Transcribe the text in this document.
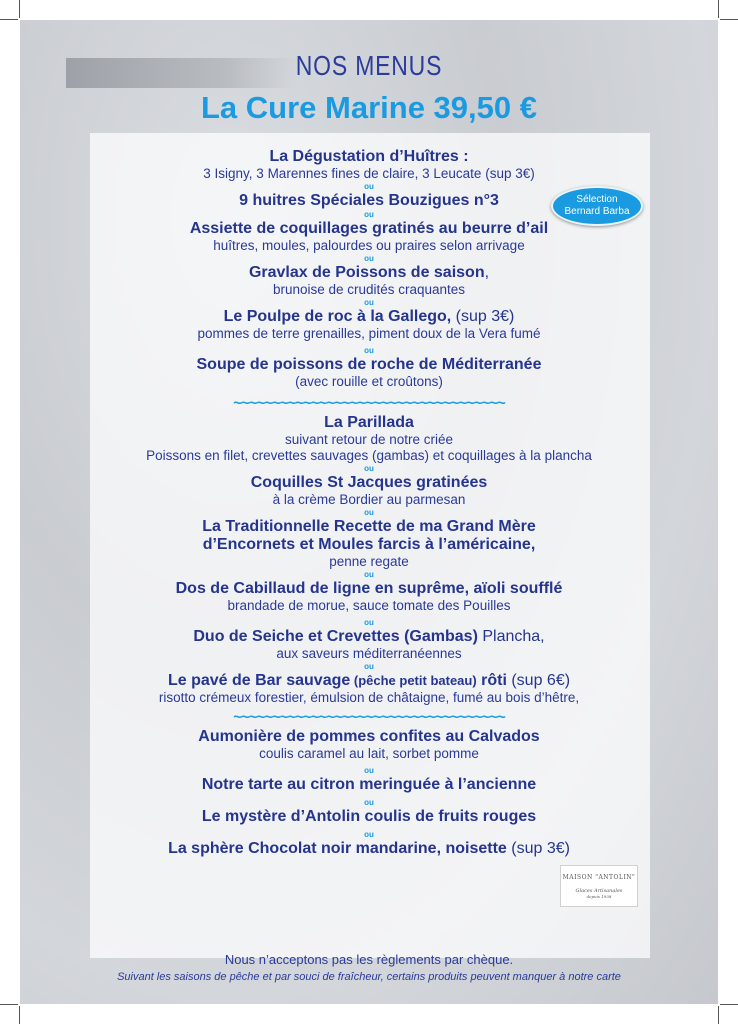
NOS MENUS
La Cure Marine 39,50 €
Sélection
Bernard Barba
La Dégustation d’Huîtres :
3 Isigny, 3 Marennes fines de claire, 3 Leucate (sup 3€)
ou
9 huitres Spéciales Bouzigues n°3
ou
Assiette de coquillages gratinés au beurre d’ail
huîtres, moules, palourdes ou praires selon arrivage
ou
Gravlax de Poissons de saison,
brunoise de crudités craquantes
ou
Le Poulpe de roc à la Gallego, (sup 3€)
pommes de terre grenailles, piment doux de la Vera fumé
ou
Soupe de poissons de roche de Méditerranée
(avec rouille et croûtons)
~~~~~~~~~~~~~~~~~~~~~~~~~~~~~~~~~~~
La Parillada
suivant retour de notre criée
Poissons en filet, crevettes sauvages (gambas) et coquillages à la plancha
ou
Coquilles St Jacques gratinées
à la crème Bordier au parmesan
ou
La Traditionnelle Recette de ma Grand Mère
d’Encornets et Moules farcis à l’américaine,
penne regate
ou
Dos de Cabillaud de ligne en suprême, aïoli soufflé
brandade de morue, sauce tomate des Pouilles
ou
Duo de Seiche et Crevettes (Gambas) Plancha,
aux saveurs méditerranéennes
ou
Le pavé de Bar sauvage (pêche petit bateau) rôti (sup 6€)
risotto crémeux forestier, émulsion de châtaigne, fumé au bois d’hêtre,
~~~~~~~~~~~~~~~~~~~~~~~~~~~~~~~~~~~
Aumonière de pommes confites au Calvados
coulis caramel au lait, sorbet pomme
ou
Notre tarte au citron meringuée à l’ancienne
ou
Le mystère d’Antolin coulis de fruits rouges
ou
La sphère Chocolat noir mandarine, noisette (sup 3€)
MAISON "ANTOLIN"
Glaces Artisanales
depuis 1938
Nous n’acceptons pas les règlements par chèque.
Suivant les saisons de pêche et par souci de fraîcheur, certains produits peuvent manquer à notre carte
